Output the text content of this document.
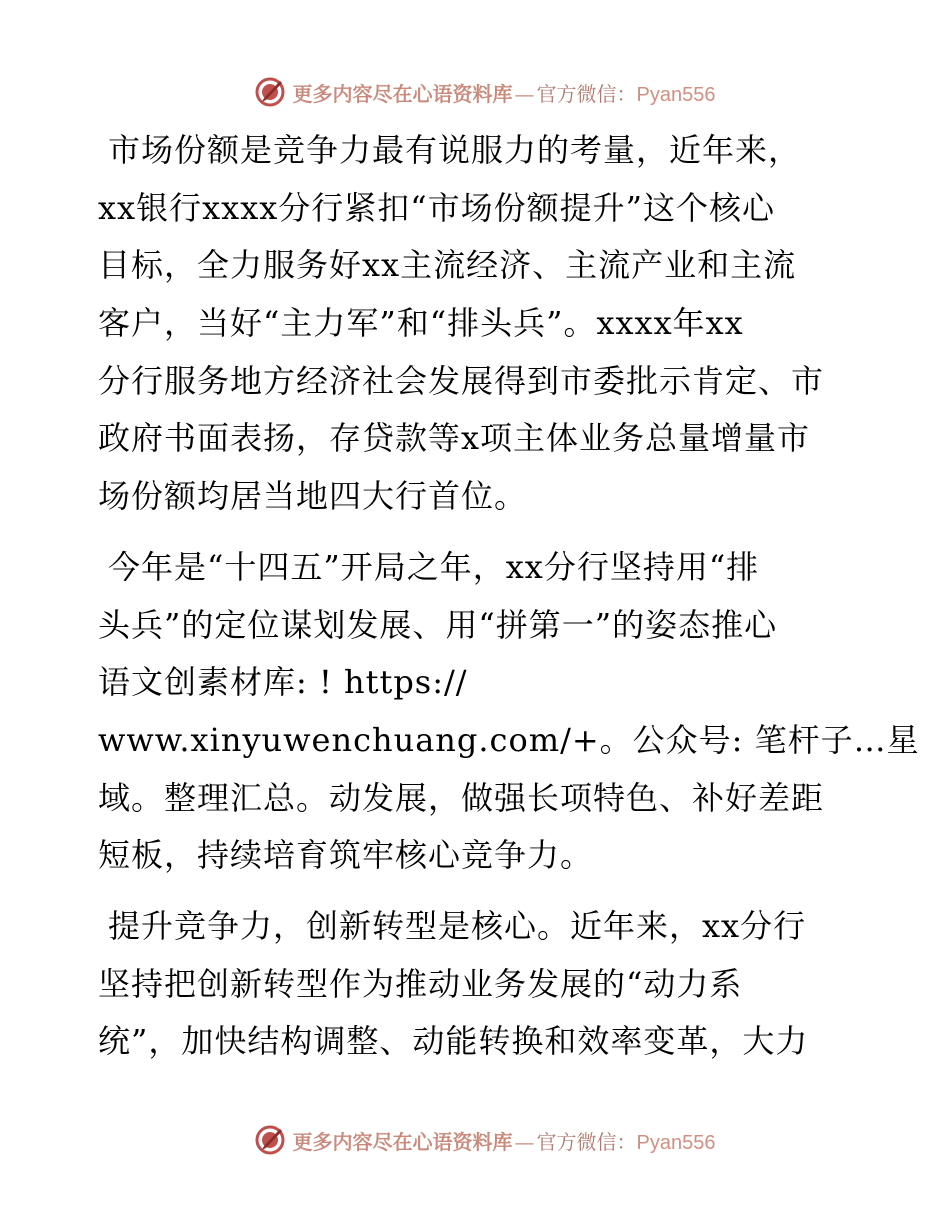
更多内容尽在心语资料库 — 官方微信：Pyan556
市场份额是竞争力最有说服力的考量，近年来，
xx银行xxxx分行紧扣“市场份额提升”这个核心
目标，全力服务好xx主流经济、主流产业和主流
客户，当好“主力军”和“排头兵”。xxxx年xx
分行服务地方经济社会发展得到市委批示肯定、市
政府书面表扬，存贷款等x项主体业务总量增量市
场份额均居当地四大行首位。
今年是“十四五”开局之年，xx分行坚持用“排
头兵”的定位谋划发展、用“拼第一”的姿态推心
语文创素材库: ! https://
www.xinyuwenchuang.com/+。公众号: 笔杆子…星
域。整理汇总。动发展，做强长项特色、补好差距
短板，持续培育筑牢核心竞争力。
提升竞争力，创新转型是核心。近年来，xx分行
坚持把创新转型作为推动业务发展的“动力系
统”，加快结构调整、动能转换和效率变革，大力
更多内容尽在心语资料库 — 官方微信：Pyan556
